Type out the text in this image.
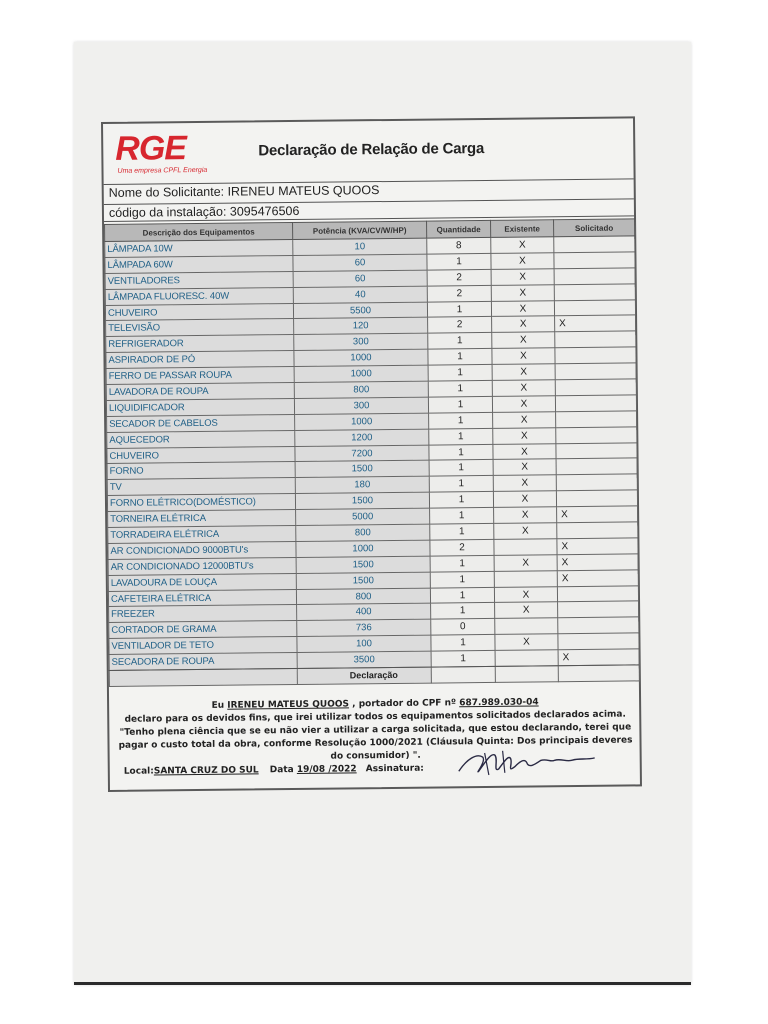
RGE
Uma empresa CPFL Energia
Declaração de Relação de Carga
Nome do Solicitante: IRENEU MATEUS QUOOS
código da instalação: 3095476506
Descrição dos Equipamentos	Potência (KVA/CV/W/HP)	Quantidade	Existente	Solicitado
LÂMPADA 10W	10	8	X	
LÂMPADA 60W	60	1	X	
VENTILADORES	60	2	X	
LÂMPADA FLUORESC. 40W	40	2	X	
CHUVEIRO	5500	1	X	
TELEVISÃO	120	2	X	X
REFRIGERADOR	300	1	X	
ASPIRADOR DE PÓ	1000	1	X	
FERRO DE PASSAR ROUPA	1000	1	X	
LAVADORA DE ROUPA	800	1	X	
LIQUIDIFICADOR	300	1	X	
SECADOR DE CABELOS	1000	1	X	
AQUECEDOR	1200	1	X	
CHUVEIRO	7200	1	X	
FORNO	1500	1	X	
TV	180	1	X	
FORNO ELÉTRICO(DOMÉSTICO)	1500	1	X	
TORNEIRA ELÉTRICA	5000	1	X	X
TORRADEIRA ELÉTRICA	800	1	X	
AR CONDICIONADO 9000BTU's	1000	2		X
AR CONDICIONADO 12000BTU's	1500	1	X	X
LAVADOURA DE LOUÇA	1500	1		X
CAFETEIRA ELÉTRICA	800	1	X	
FREEZER	400	1	X	
CORTADOR DE GRAMA	736	0		
VENTILADOR DE TETO	100	1	X	
SECADORA DE ROUPA	3500	1		X

Declaração
Eu IRENEU MATEUS QUOOS , portador do CPF nº 687.989.030-04
declaro para os devidos fins, que irei utilizar todos os equipamentos solicitados declarados acima.
"Tenho plena ciência que se eu não vier a utilizar a carga solicitada, que estou declarando, terei que pagar o custo total da obra, conforme Resolução 1000/2021 (Cláusula Quinta: Dos principais deveres do consumidor) ".
Local:SANTA CRUZ DO SUL Data 19/08 /2022 Assinatura:
